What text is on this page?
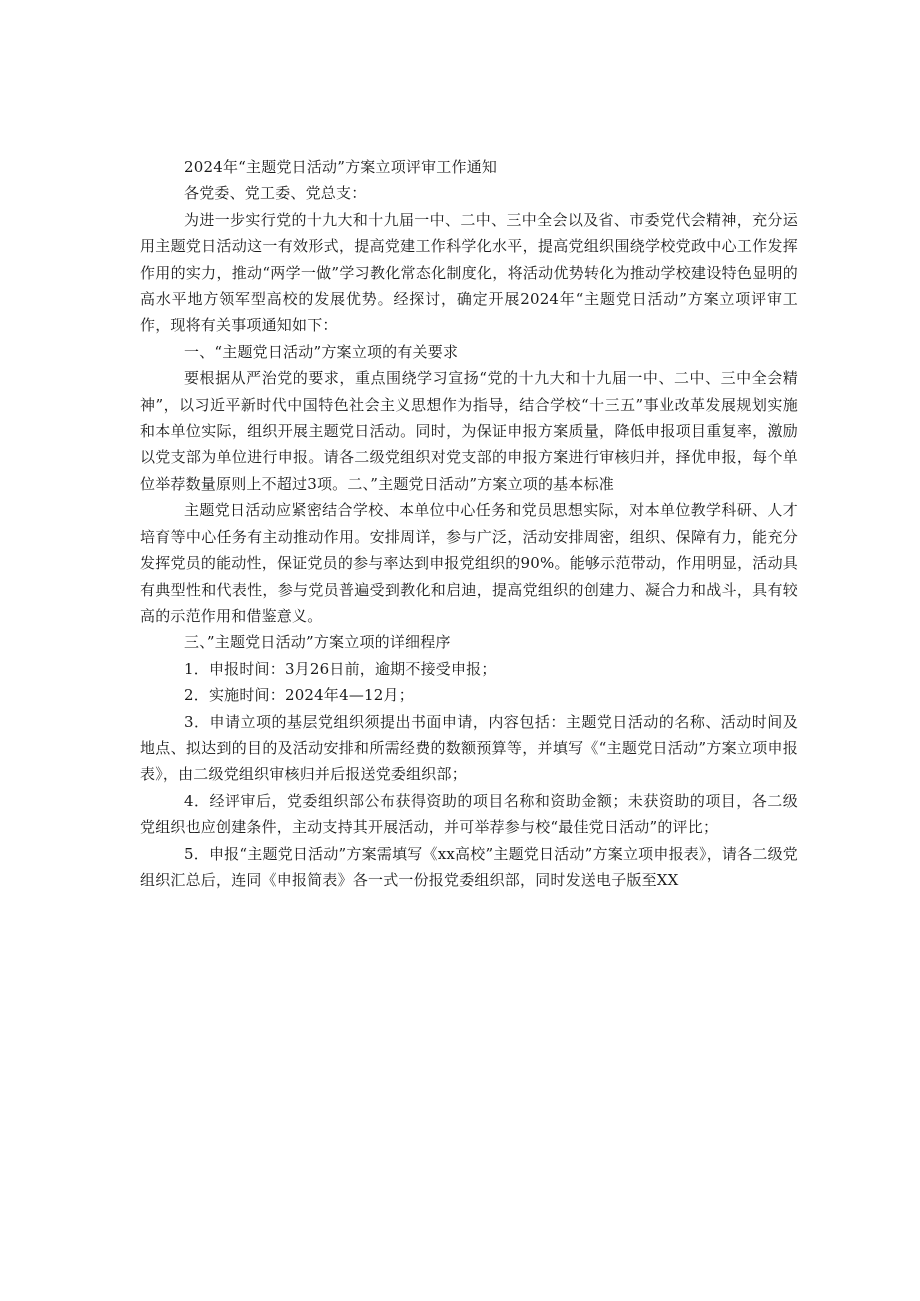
2024年“主题党日活动”方案立项评审工作通知

各党委、党工委、党总支：

为进一步实行党的十九大和十九届一中、二中、三中全会以及省、市委党代会精神，充分运用主题党日活动这一有效形式，提高党建工作科学化水平，提高党组织围绕学校党政中心工作发挥作用的实力，推动“两学一做”学习教化常态化制度化，将活动优势转化为推动学校建设特色显明的高水平地方领军型高校的发展优势。经探讨，确定开展2024年“主题党日活动”方案立项评审工作，现将有关事项通知如下：

一、“主题党日活动”方案立项的有关要求

要根据从严治党的要求，重点围绕学习宣扬“党的十九大和十九届一中、二中、三中全会精神”，以习近平新时代中国特色社会主义思想作为指导，结合学校“十三五”事业改革发展规划实施和本单位实际，组织开展主题党日活动。同时，为保证申报方案质量，降低申报项目重复率，激励以党支部为单位进行申报。请各二级党组织对党支部的申报方案进行审核归并，择优申报，每个单位举荐数量原则上不超过3项。二、”主题党日活动”方案立项的基本标准

主题党日活动应紧密结合学校、本单位中心任务和党员思想实际，对本单位教学科研、人才培育等中心任务有主动推动作用。安排周详，参与广泛，活动安排周密，组织、保障有力，能充分发挥党员的能动性，保证党员的参与率达到申报党组织的90%。能够示范带动，作用明显，活动具有典型性和代表性，参与党员普遍受到教化和启迪，提高党组织的创建力、凝合力和战斗，具有较高的示范作用和借鉴意义。

三、”主题党日活动”方案立项的详细程序

1．申报时间：3月26日前，逾期不接受申报；

2．实施时间：2024年4—12月；

3．申请立项的基层党组织须提出书面申请，内容包括：主题党日活动的名称、活动时间及地点、拟达到的目的及活动安排和所需经费的数额预算等，并填写《“主题党日活动”方案立项申报表》，由二级党组织审核归并后报送党委组织部；

4．经评审后，党委组织部公布获得资助的项目名称和资助金额；未获资助的项目，各二级党组织也应创建条件，主动支持其开展活动，并可举荐参与校“最佳党日活动”的评比；

5．申报“主题党日活动”方案需填写《xx高校”主题党日活动”方案立项申报表》，请各二级党组织汇总后，连同《申报简表》各一式一份报党委组织部，同时发送电子版至XX
